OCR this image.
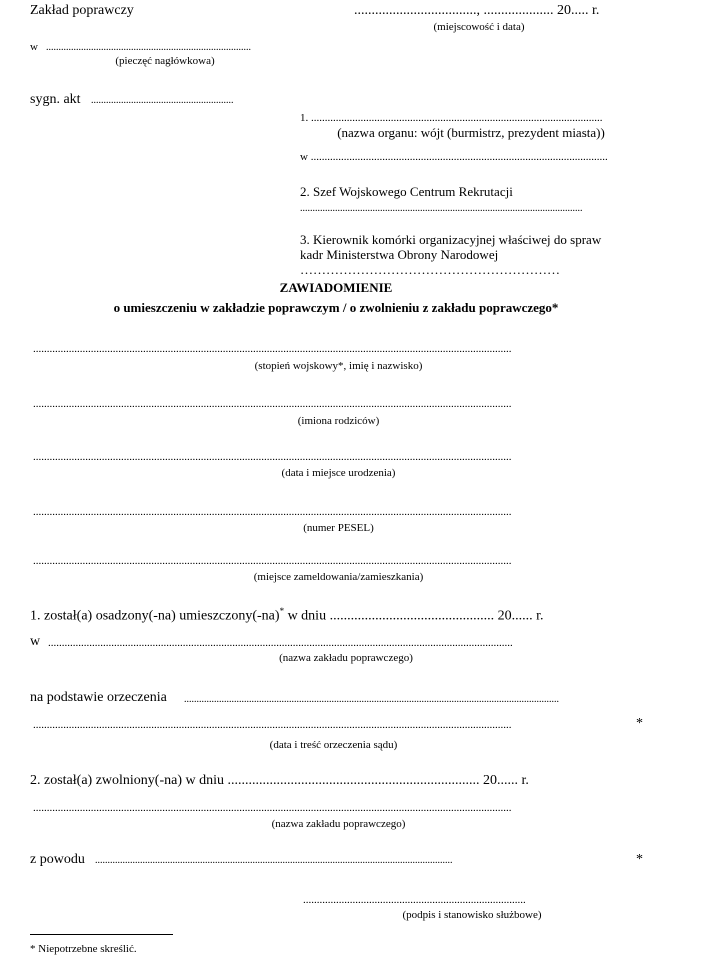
Zakład poprawczy	..................................., .................... 20..... r.
(miejscowość i data)
w ..................................................................................
(pieczęć nagłówkowa)
sygn. akt .........................................................
1. ..........................................................................................................
(nazwa organu: wójt (burmistrz, prezydent miasta))
w ............................................................................................................
2. Szef Wojskowego Centrum Rekrutacji
.................................................................................................................
3. Kierownik komórki organizacyjnej właściwej do spraw
kadr Ministerstwa Obrony Narodowej
……………………………………………………
ZAWIADOMIENIE
o umieszczeniu w zakładzie poprawczym / o zwolnieniu z zakładu poprawczego*
..............................................................................................................................................................................
(stopień wojskowy*, imię i nazwisko)
..............................................................................................................................................................................
(imiona rodziców)
..............................................................................................................................................................................
(data i miejsce urodzenia)
..............................................................................................................................................................................
(numer PESEL)
..............................................................................................................................................................................
(miejsce zameldowania/zamieszkania)
1. został(a) osadzony(-na) umieszczony(-na)* w dniu ............................................... 20...... r.
w .........................................................................................................................................................................
(nazwa zakładu poprawczego)
na podstawie orzeczenia ......................................................................................................................................................
..............................................................................................................................................................................	*
(data i treść orzeczenia sądu)
2. został(a) zwolniony(-na) w dniu ........................................................................ 20...... r.
..............................................................................................................................................................................
(nazwa zakładu poprawczego)
z powodu ...............................................................................................................................................	*
.................................................................................
(podpis i stanowisko służbowe)
* Niepotrzebne skreślić.
